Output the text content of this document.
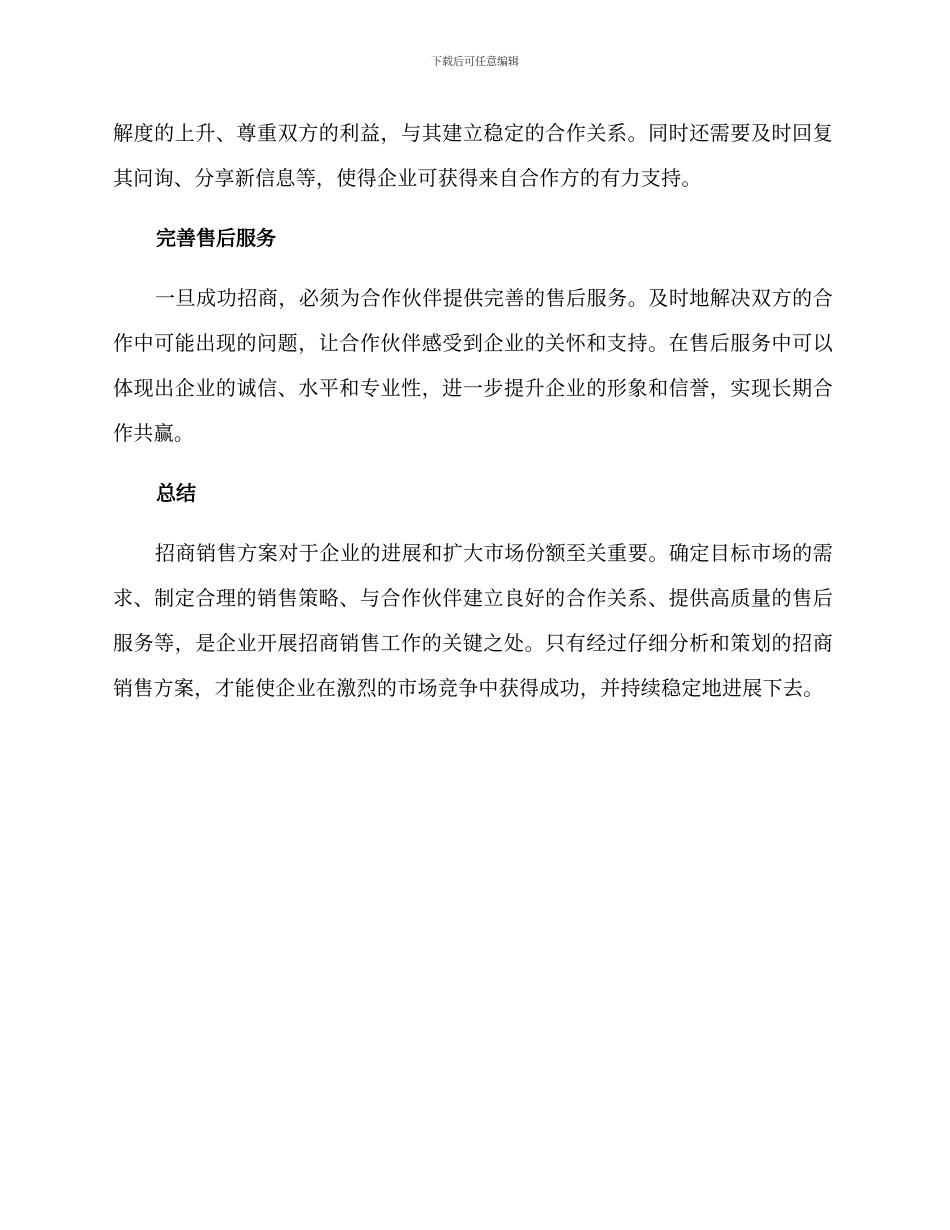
下载后可任意编辑

解度的上升、尊重双方的利益，与其建立稳定的合作关系。同时还需要及时回复其问询、分享新信息等，使得企业可获得来自合作方的有力支持。

完善售后服务

一旦成功招商，必须为合作伙伴提供完善的售后服务。及时地解决双方的合作中可能出现的问题，让合作伙伴感受到企业的关怀和支持。在售后服务中可以体现出企业的诚信、水平和专业性，进一步提升企业的形象和信誉，实现长期合作共赢。

总结

招商销售方案对于企业的进展和扩大市场份额至关重要。确定目标市场的需求、制定合理的销售策略、与合作伙伴建立良好的合作关系、提供高质量的售后服务等，是企业开展招商销售工作的关键之处。只有经过仔细分析和策划的招商销售方案，才能使企业在激烈的市场竞争中获得成功，并持续稳定地进展下去。
